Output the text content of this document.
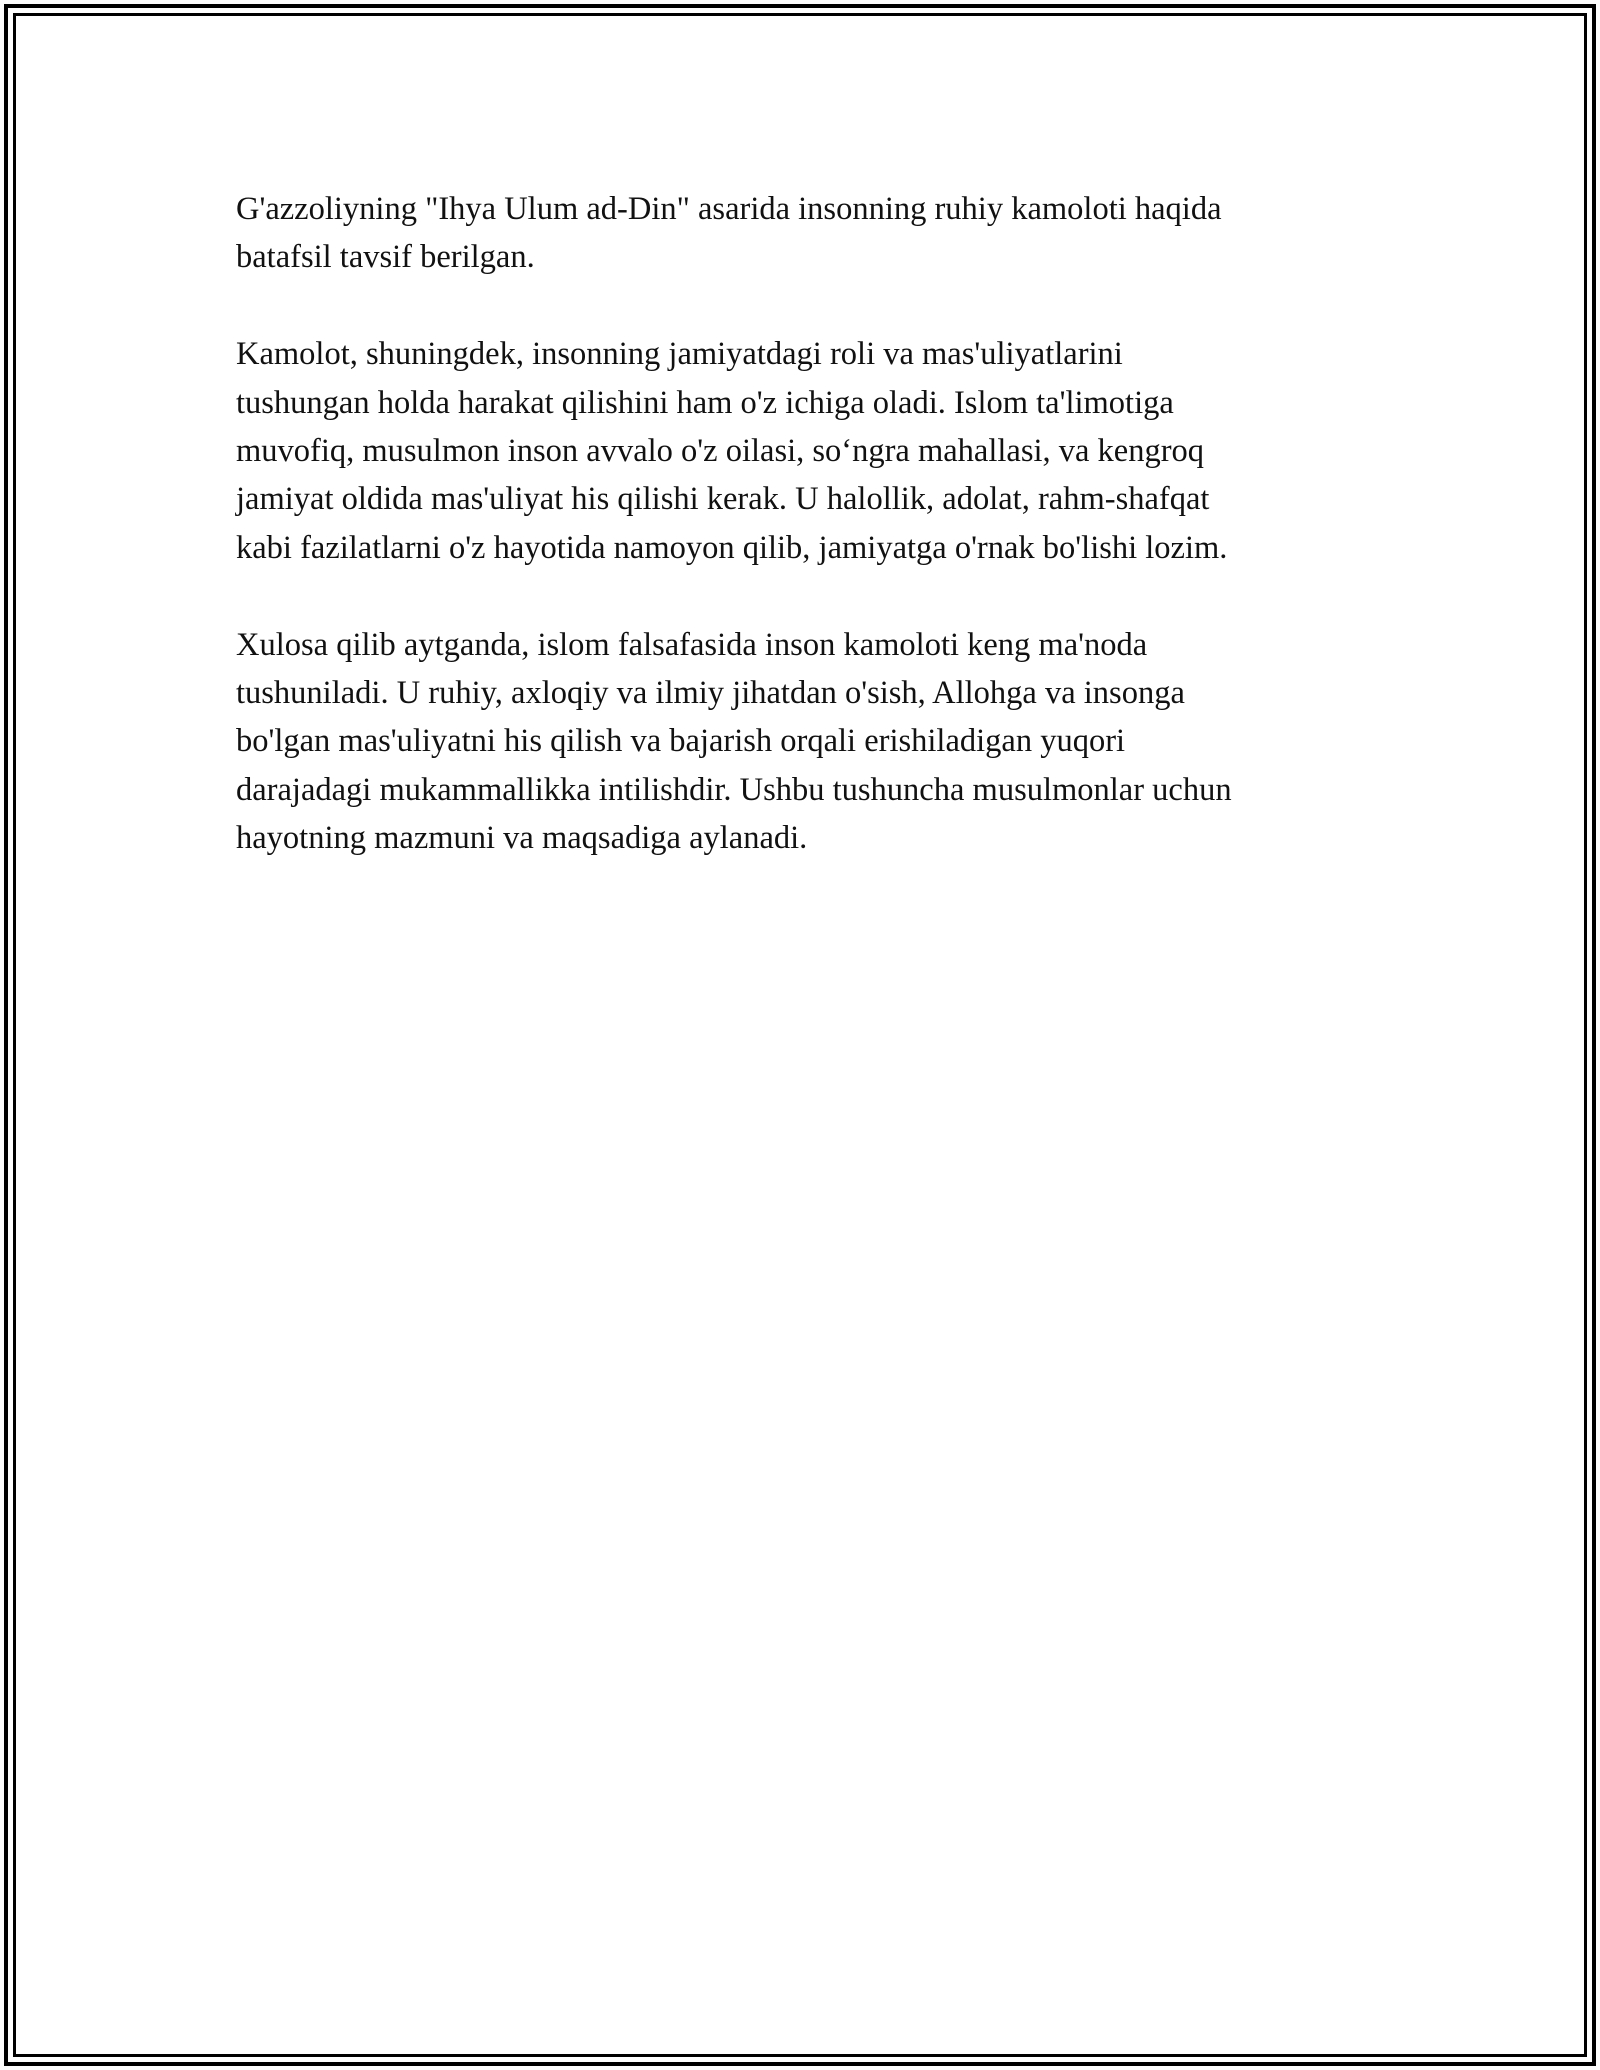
G'azzoliyning "Ihya Ulum ad-Din" asarida insonning ruhiy kamoloti haqida
batafsil tavsif berilgan.

Kamolot, shuningdek, insonning jamiyatdagi roli va mas'uliyatlarini
tushungan holda harakat qilishini ham o'z ichiga oladi. Islom ta'limotiga
muvofiq, musulmon inson avvalo o'z oilasi, so‘ngra mahallasi, va kengroq
jamiyat oldida mas'uliyat his qilishi kerak. U halollik, adolat, rahm-shafqat
kabi fazilatlarni o'z hayotida namoyon qilib, jamiyatga o'rnak bo'lishi lozim.

Xulosa qilib aytganda, islom falsafasida inson kamoloti keng ma'noda
tushuniladi. U ruhiy, axloqiy va ilmiy jihatdan o'sish, Allohga va insonga
bo'lgan mas'uliyatni his qilish va bajarish orqali erishiladigan yuqori
darajadagi mukammallikka intilishdir. Ushbu tushuncha musulmonlar uchun
hayotning mazmuni va maqsadiga aylanadi.
